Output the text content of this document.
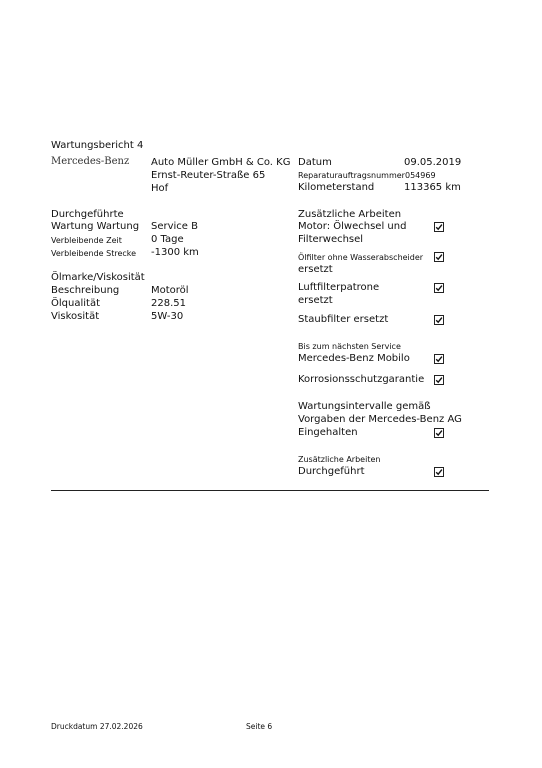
Wartungsbericht 4
Mercedes-Benz Auto Müller GmbH & Co. KG
Ernst-Reuter-Straße 65
Hof
Datum	09.05.2019
Reparaturauftragsnummer 054969
Kilometerstand	113365 km
Durchgeführte
Wartung Wartung Service B
Verbleibende Zeit	0 Tage
Verbleibende Strecke -1300 km
Ölmarke/Viskosität
Beschreibung	Motoröl
Ölqualität	228.51
Viskosität	5W-30
Zusätzliche Arbeiten
Motor: Ölwechsel und
Filterwechsel
Ölfilter ohne Wasserabscheider
ersetzt
Luftfilterpatrone
ersetzt
Staubfilter ersetzt
Bis zum nächsten Service
Mercedes-Benz Mobilo
Korrosionsschutzgarantie
Wartungsintervalle gemäß
Vorgaben der Mercedes-Benz AG
Eingehalten
Zusätzliche Arbeiten
Durchgeführt
Druckdatum 27.02.2026	Seite 6
